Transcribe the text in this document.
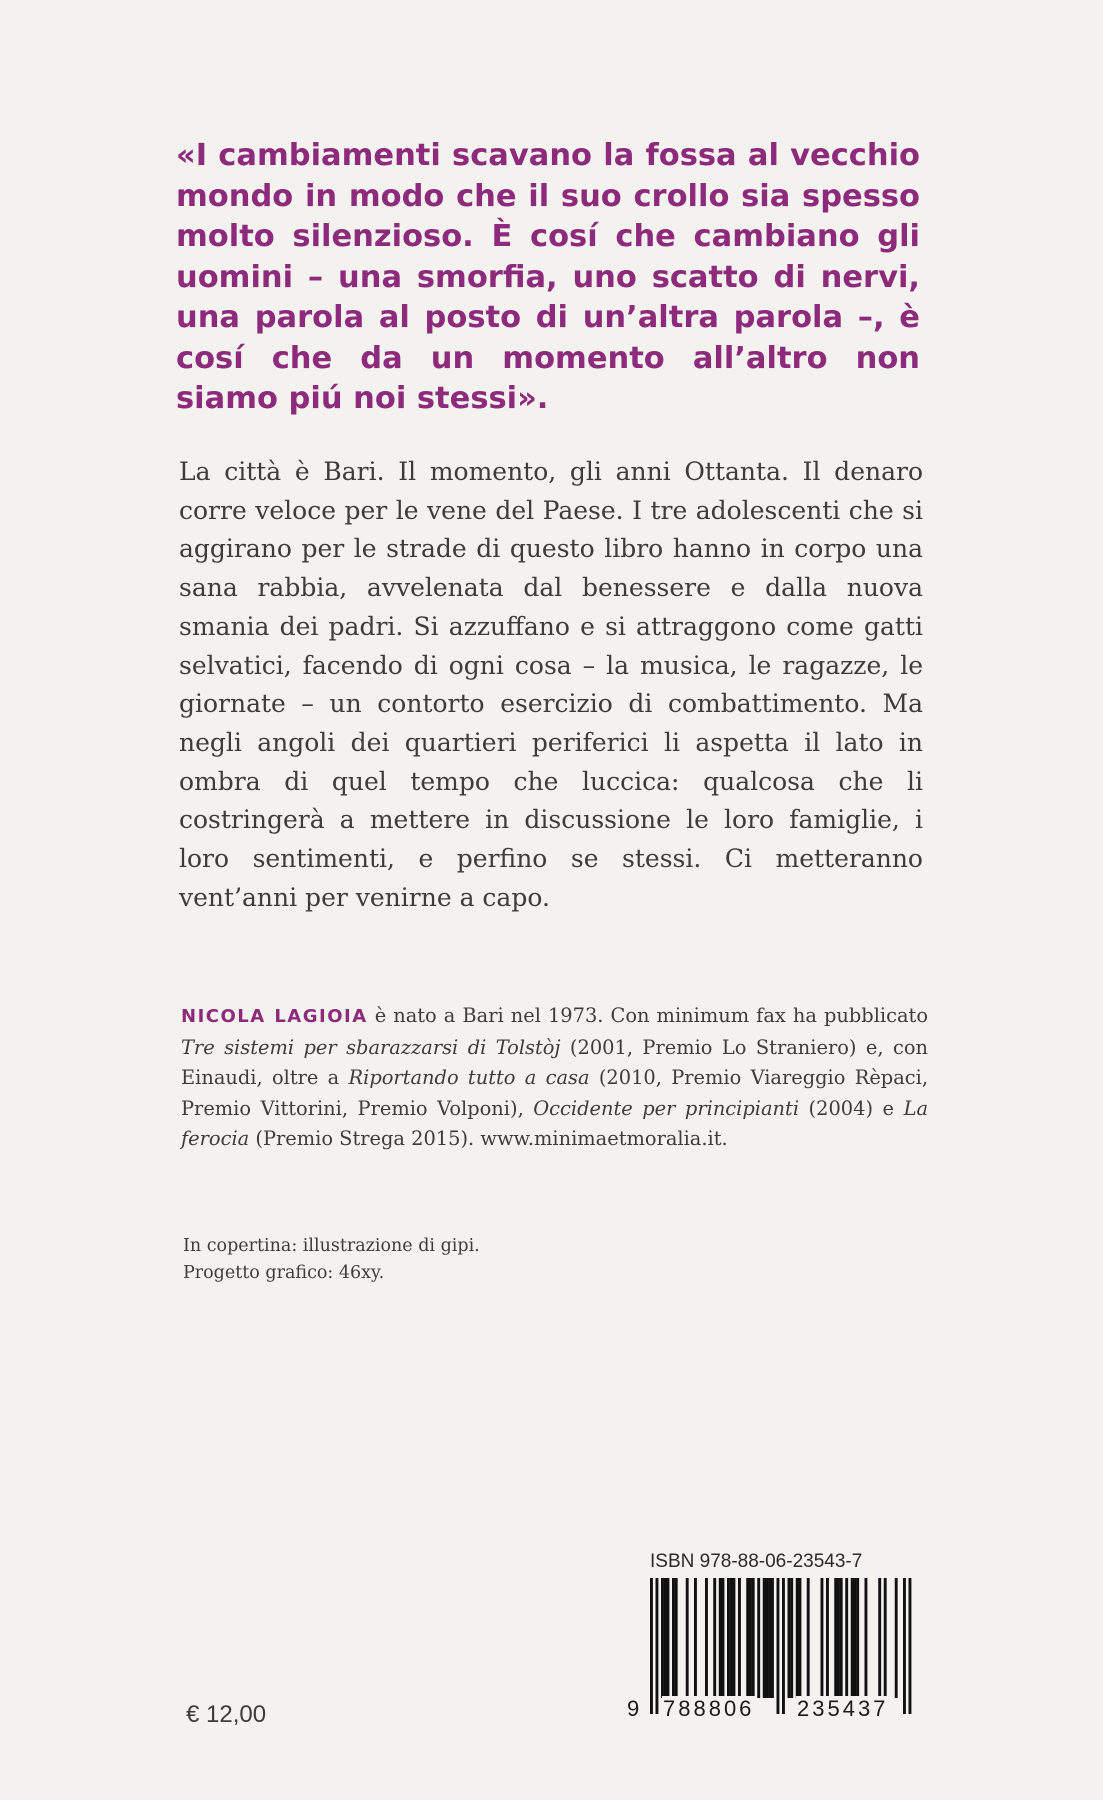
«I cambiamenti scavano la fossa al vecchio mondo in modo che il suo crollo sia spesso molto silenzioso. È cosí che cambiano gli uomini – una smorfia, uno scatto di nervi, una parola al posto di un’altra parola –, è cosí che da un momento all’altro non siamo piú noi stessi».

La città è Bari. Il momento, gli anni Ottanta. Il denaro corre veloce per le vene del Paese. I tre adolescenti che si aggirano per le strade di questo libro hanno in corpo una sana rabbia, avvelenata dal benessere e dalla nuova smania dei padri. Si azzuffano e si attraggono come gatti selvatici, facendo di ogni cosa – la musica, le ragazze, le giornate – un contorto esercizio di combattimento. Ma negli angoli dei quartieri periferici li aspetta il lato in ombra di quel tempo che luccica: qualcosa che li costringerà a mettere in discussione le loro famiglie, i loro sentimenti, e perfino se stessi. Ci metteranno vent’anni per venirne a capo.

NICOLA LAGIOIA è nato a Bari nel 1973. Con minimum fax ha pubblicato Tre sistemi per sbarazzarsi di Tolstòj (2001, Premio Lo Straniero) e, con Einaudi, oltre a Riportando tutto a casa (2010, Premio Viareggio Rèpaci, Premio Vittorini, Premio Volponi), Occidente per principianti (2004) e La ferocia (Premio Strega 2015). www.minimaetmoralia.it.

In copertina: illustrazione di gipi.
Progetto grafico: 46xy.
ISBN 978-88-06-23543-7
9 788806 235437
€ 12,00
